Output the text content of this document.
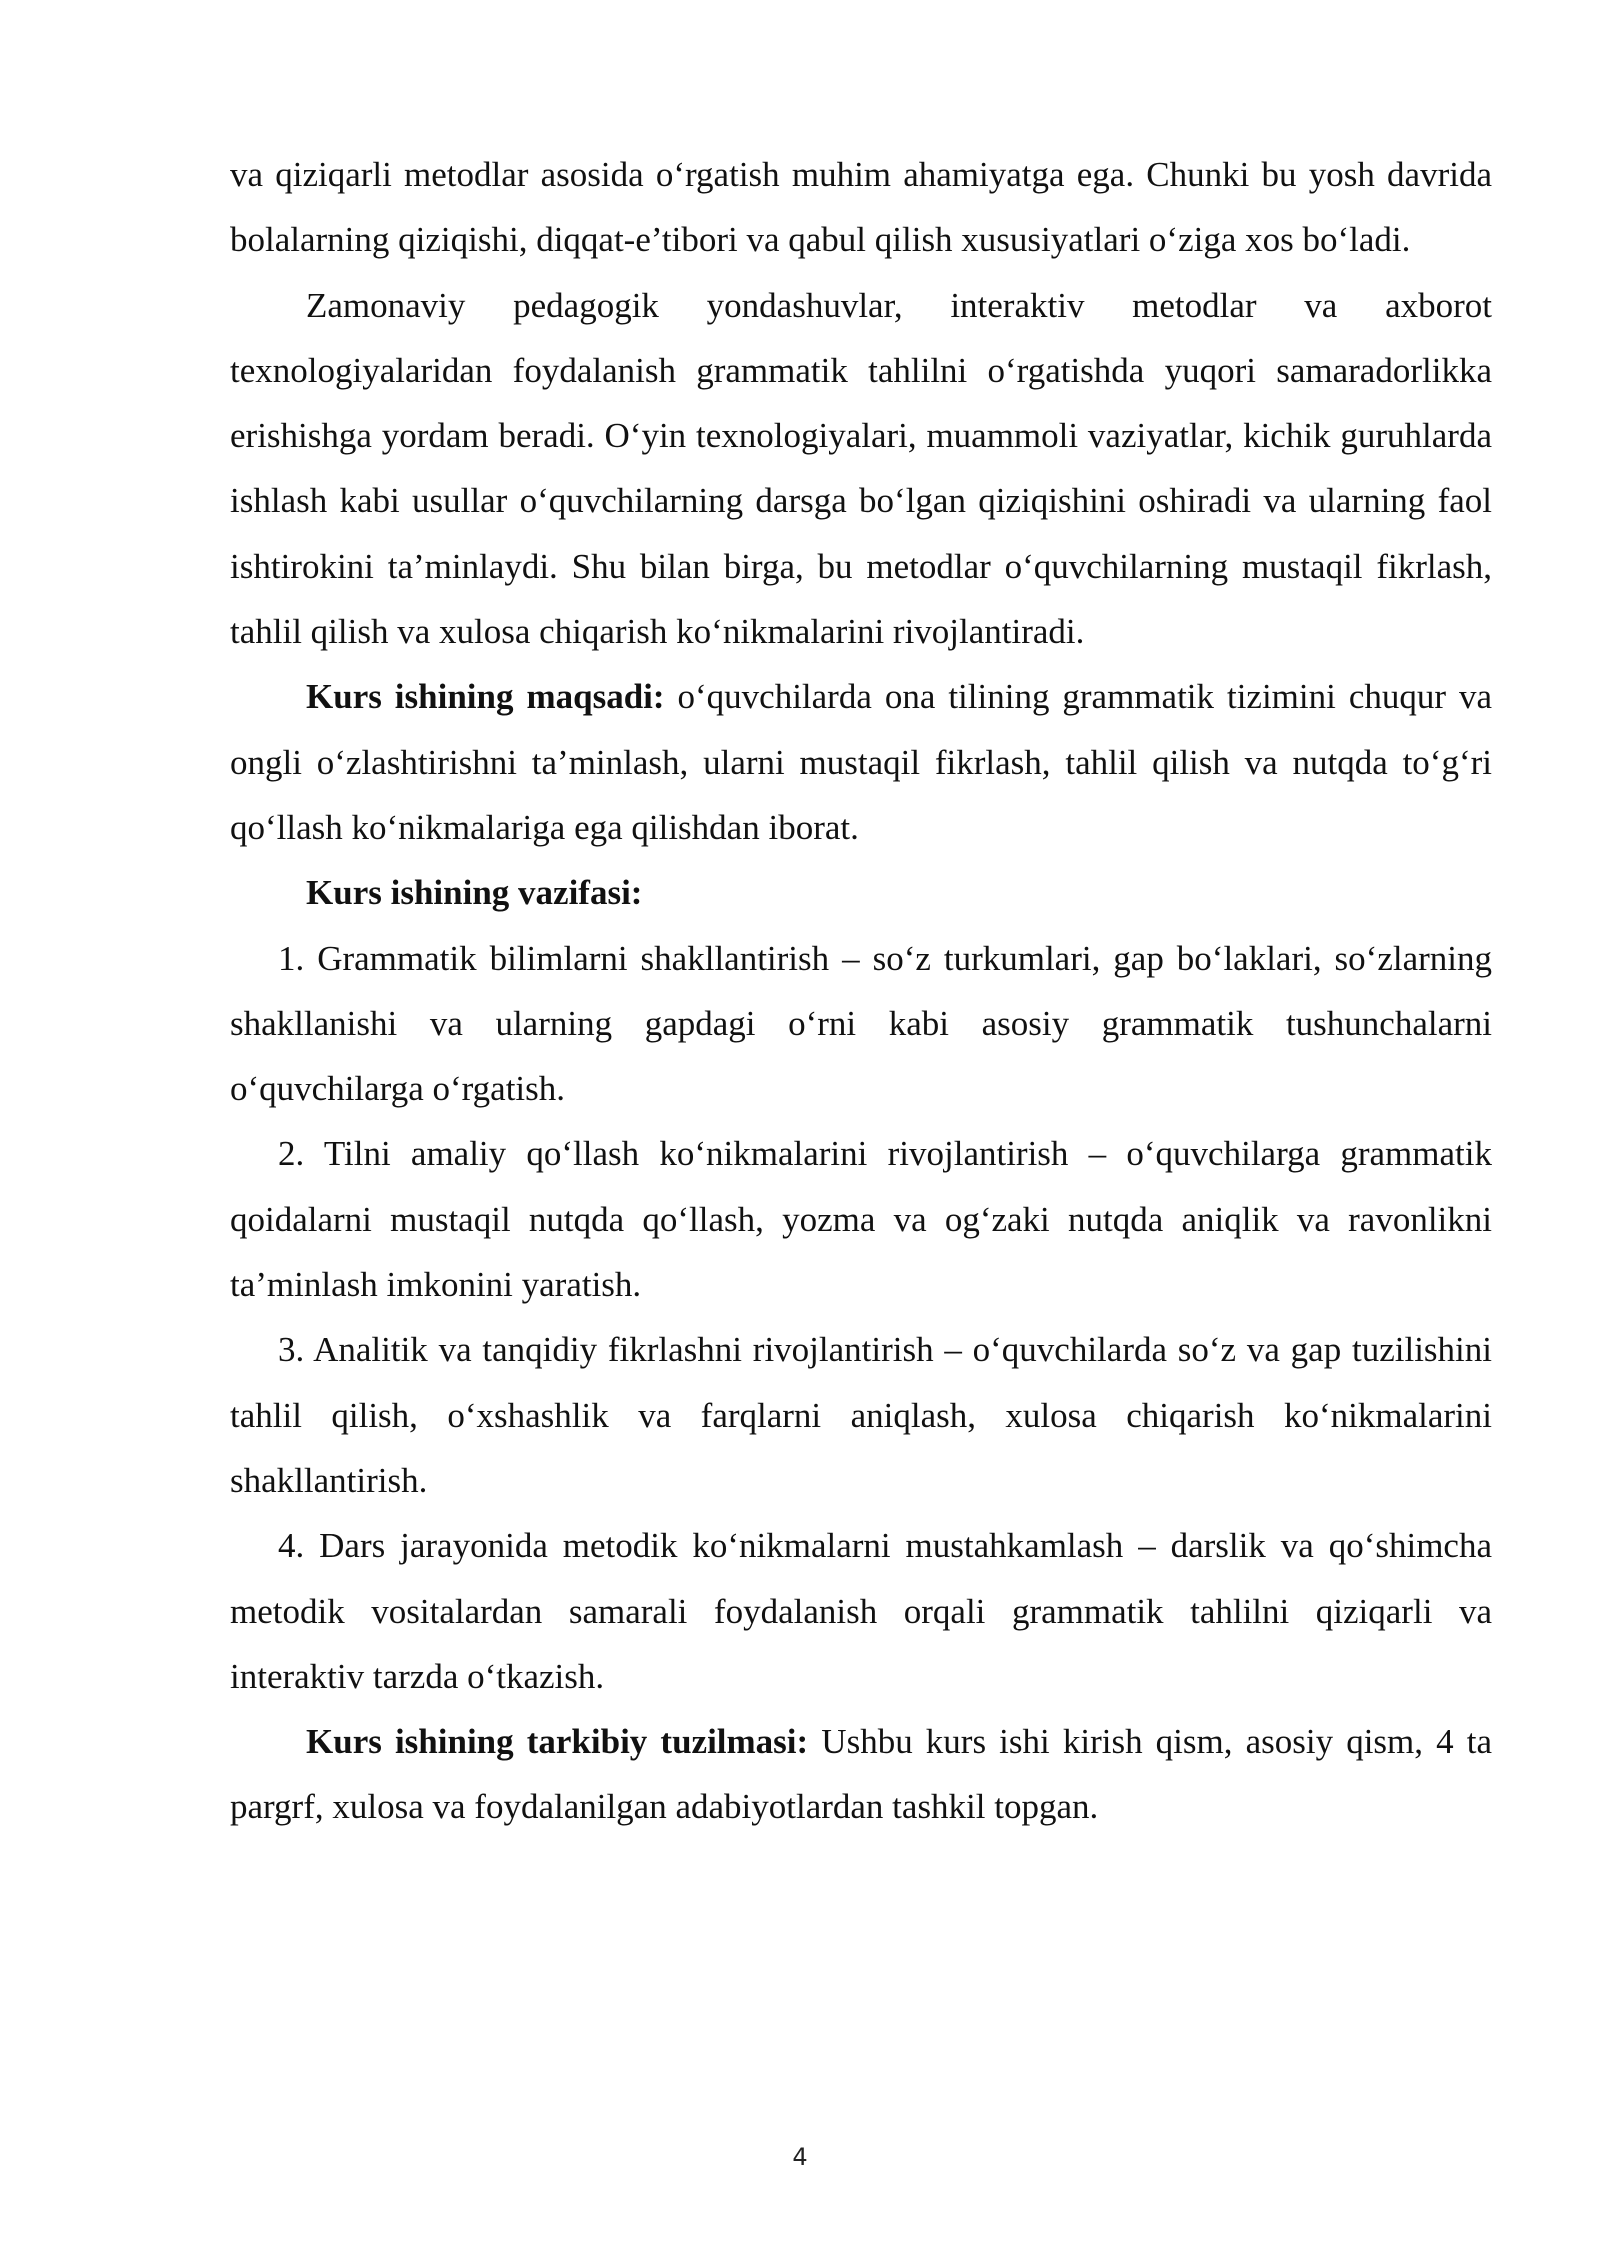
va qiziqarli metodlar asosida o‘rgatish muhim ahamiyatga ega. Chunki bu yosh davrida bolalarning qiziqishi, diqqat-e’tibori va qabul qilish xususiyatlari o‘ziga xos bo‘ladi.

Zamonaviy pedagogik yondashuvlar, interaktiv metodlar va axborot texnologiyalaridan foydalanish grammatik tahlilni o‘rgatishda yuqori samaradorlikka erishishga yordam beradi. O‘yin texnologiyalari, muammoli vaziyatlar, kichik guruhlarda ishlash kabi usullar o‘quvchilarning darsga bo‘lgan qiziqishini oshiradi va ularning faol ishtirokini ta’minlaydi. Shu bilan birga, bu metodlar o‘quvchilarning mustaqil fikrlash, tahlil qilish va xulosa chiqarish ko‘nikmalarini rivojlantiradi.

Kurs ishining maqsadi: o‘quvchilarda ona tilining grammatik tizimini chuqur va ongli o‘zlashtirishni ta’minlash, ularni mustaqil fikrlash, tahlil qilish va nutqda to‘g‘ri qo‘llash ko‘nikmalariga ega qilishdan iborat.

Kurs ishining vazifasi:

1. Grammatik bilimlarni shakllantirish – so‘z turkumlari, gap bo‘laklari, so‘zlarning shakllanishi va ularning gapdagi o‘rni kabi asosiy grammatik tushunchalarni o‘quvchilarga o‘rgatish.

2. Tilni amaliy qo‘llash ko‘nikmalarini rivojlantirish – o‘quvchilarga grammatik qoidalarni mustaqil nutqda qo‘llash, yozma va og‘zaki nutqda aniqlik va ravonlikni ta’minlash imkonini yaratish.

3. Analitik va tanqidiy fikrlashni rivojlantirish – o‘quvchilarda so‘z va gap tuzilishini tahlil qilish, o‘xshashlik va farqlarni aniqlash, xulosa chiqarish ko‘nikmalarini shakllantirish.

4. Dars jarayonida metodik ko‘nikmalarni mustahkamlash – darslik va qo‘shimcha metodik vositalardan samarali foydalanish orqali grammatik tahlilni qiziqarli va interaktiv tarzda o‘tkazish.

Kurs ishining tarkibiy tuzilmasi: Ushbu kurs ishi kirish qism, asosiy qism, 4 ta pargrf, xulosa va foydalanilgan adabiyotlardan tashkil topgan.

4
